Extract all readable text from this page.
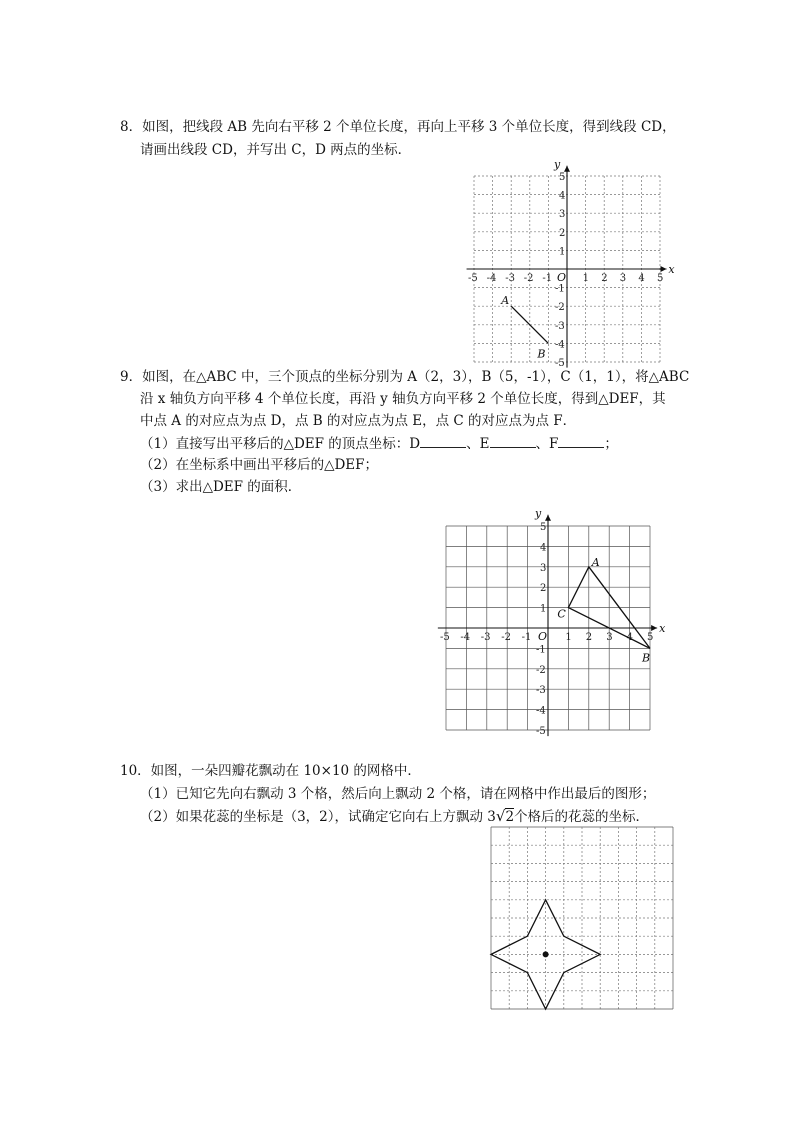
8．如图，把线段 AB 先向右平移 2 个单位长度，再向上平移 3 个单位长度，得到线段 CD，
请画出线段 CD，并写出 C，D 两点的坐标．
x
y
O
-5 -4 -3 -2 -1	1 2 3 4 5
5
4
3
2
1
-1
-2
-3
-4
-5
A
B
9．如图，在△ABC 中，三个顶点的坐标分别为 A（2，3），B（5，-1），C（1，1），将△ABC
沿 x 轴负方向平移 4 个单位长度，再沿 y 轴负方向平移 2 个单位长度，得到△DEF，其
中点 A 的对应点为点 D，点 B 的对应点为点 E，点 C 的对应点为点 F．
（1）直接写出平移后的△DEF 的顶点坐标：D	、E	、F	；
（2）在坐标系中画出平移后的△DEF；
（3）求出△DEF 的面积．
x
y
O
-5 -4 -3 -2 -1	1 2 3 4 5
5
4
3
2
1
-1
-2
-3
-4
-5
A
B
C
10．如图，一朵四瓣花飘动在 10×10 的网格中．
（1）已知它先向右飘动 3 个格，然后向上飘动 2 个格，请在网格中作出最后的图形；
（2）如果花蕊的坐标是（3，2），试确定它向右上方飘动 3√2个格后的花蕊的坐标．
